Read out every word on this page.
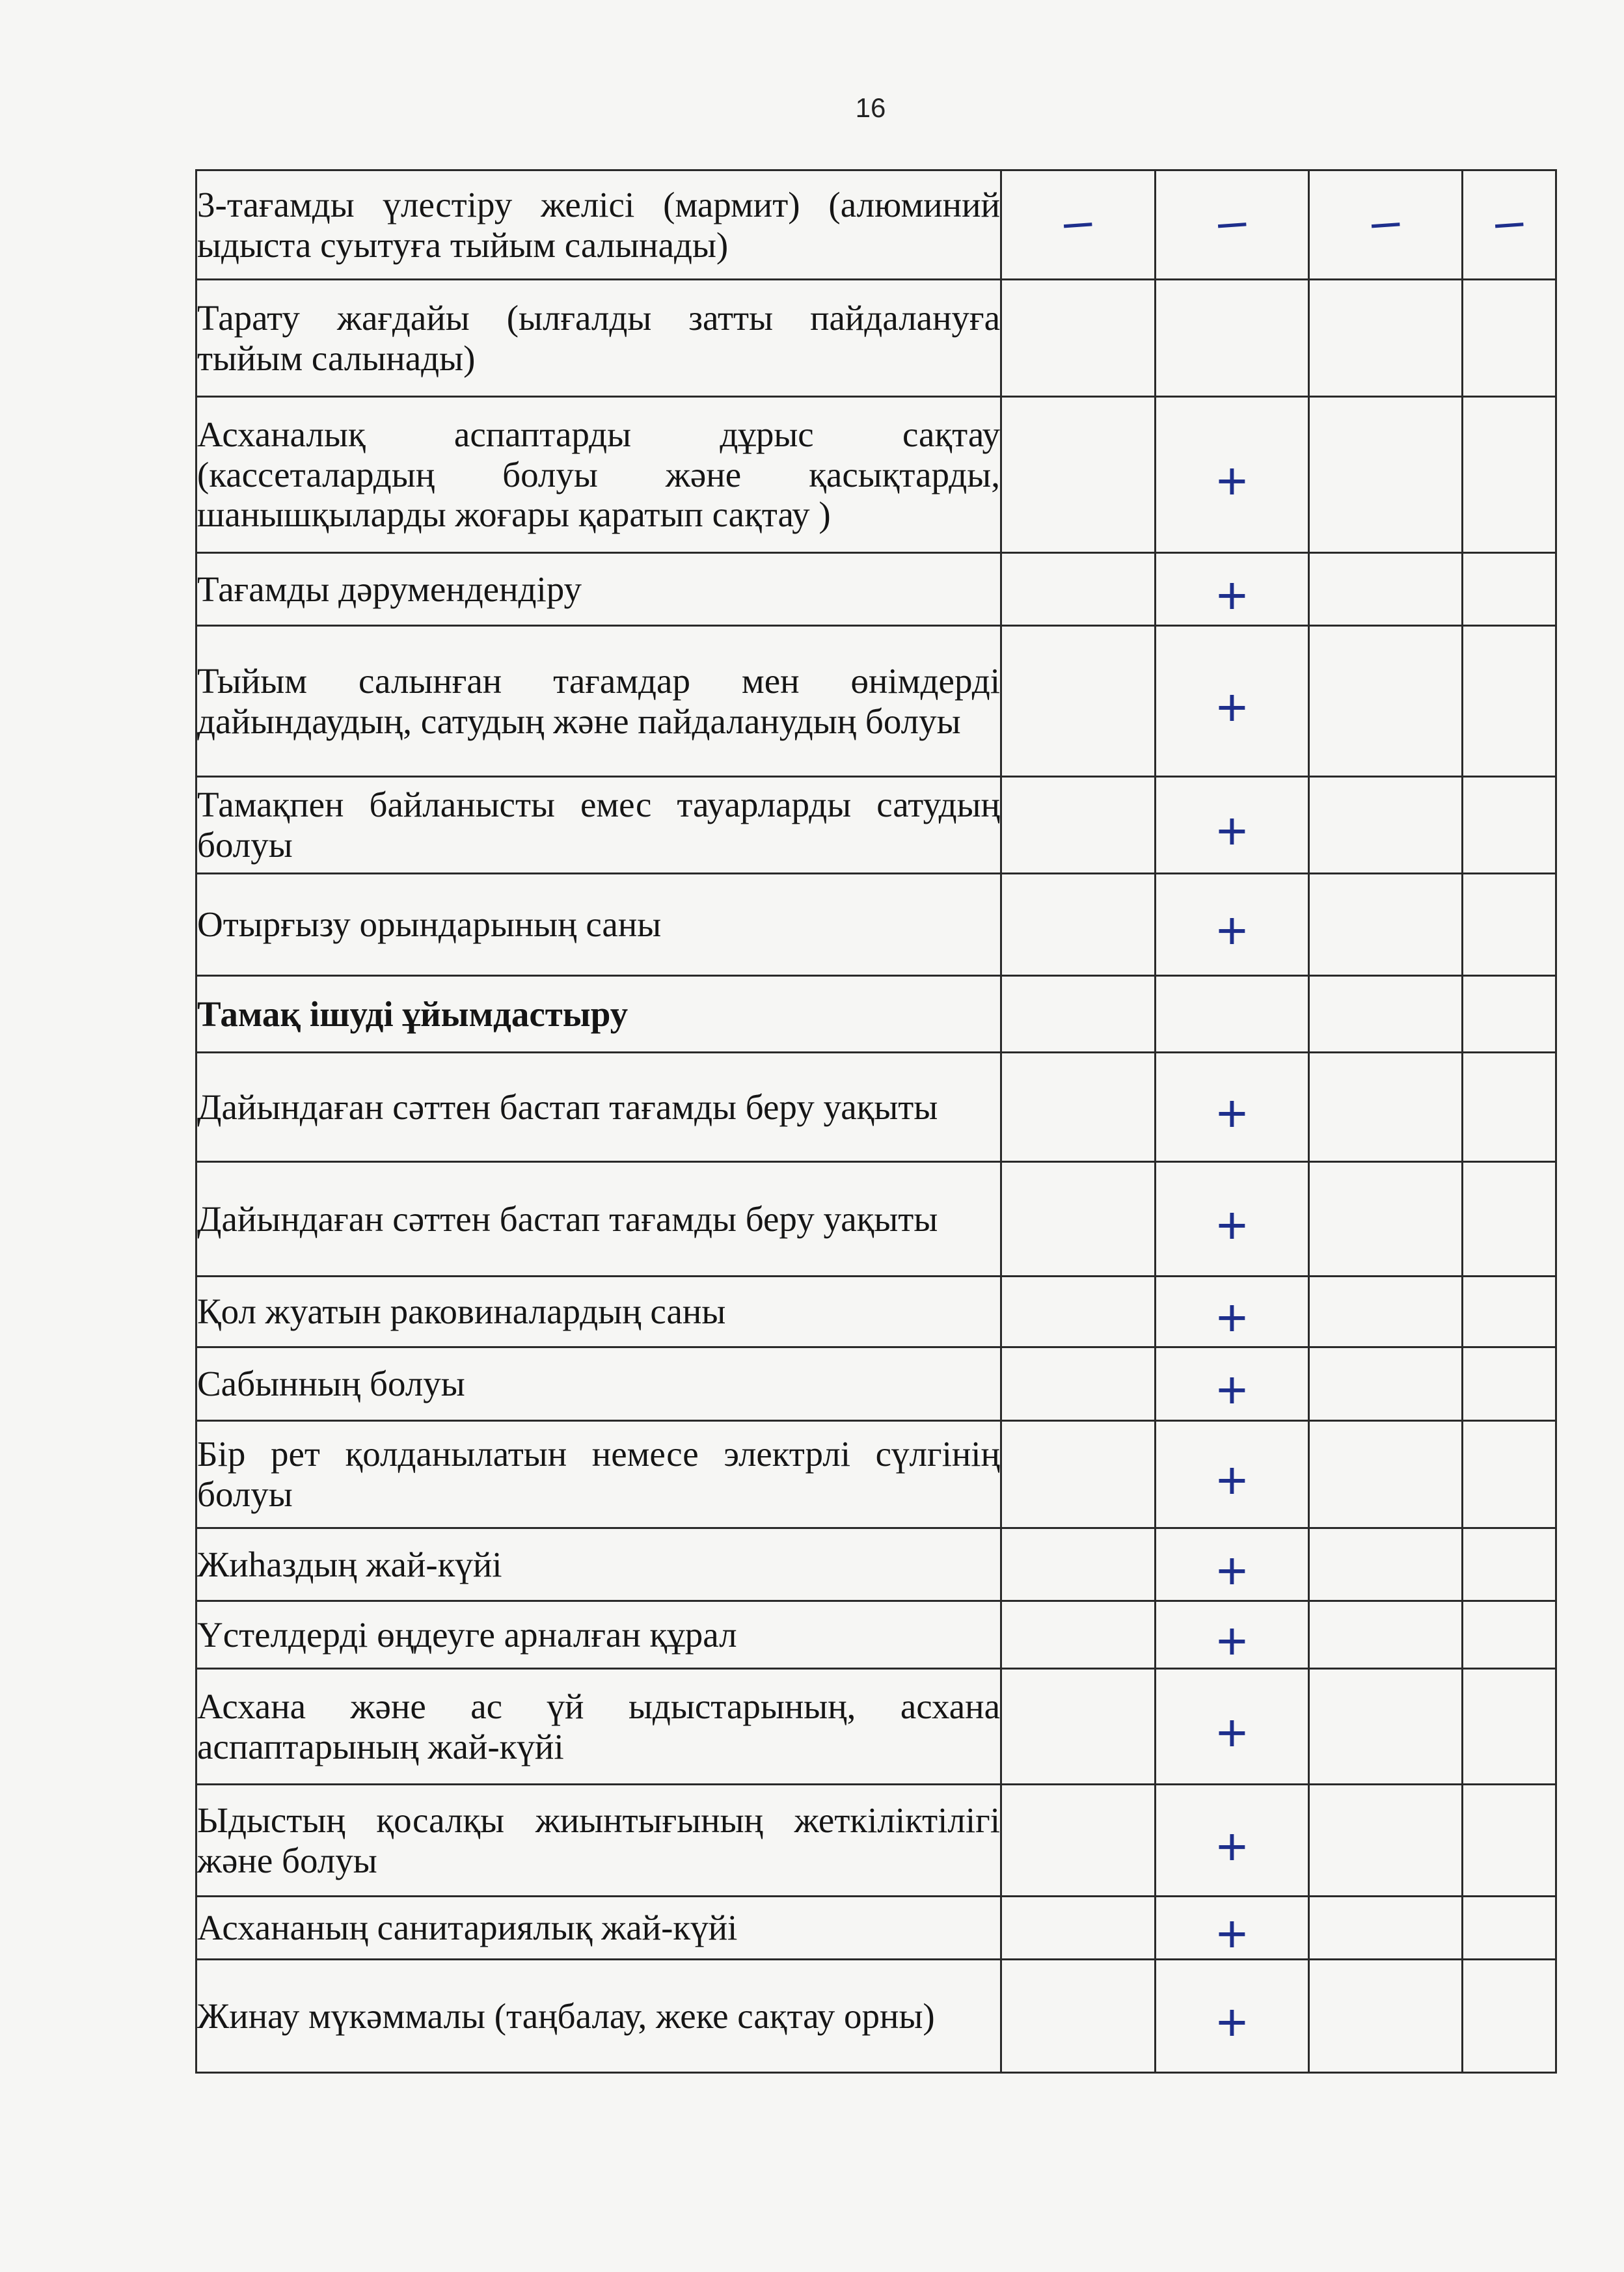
16
3-тағамды үлестіру желісі (мармит) (алюминий ыдыста суытуға тыйым салынады)	–	–	–	–
Тарату жағдайы (ылғалды затты пайдалануға тыйым салынады)				
Асханалық аспаптарды дұрыс сақтау (кассеталардың болуы және қасықтарды, шанышқыларды жоғары қаратып сақтау )		+		
Тағамды дәрумендендіру		+		
Тыйым салынған тағамдар мен өнімдерді дайындаудың, сатудың және пайдаланудың болуы		+		
Тамақпен байланысты емес тауарларды сатудың болуы		+		
Отырғызу орындарының саны		+		
Тамақ ішуді ұйымдастыру				
Дайындаған сәттен бастап тағамды беру уақыты		+		
Дайындаған сәттен бастап тағамды беру уақыты		+		
Қол жуатын раковиналардың саны		+		
Сабынның болуы		+		
Бір рет қолданылатын немесе электрлі сүлгінің болуы		+		
Жиһаздың жай-күйі		+		
Үстелдерді өңдеуге арналған құрал		+		
Асхана және ас үй ыдыстарының, асхана аспаптарының жай-күйі		+		
Ыдыстың қосалқы жиынтығының жеткіліктілігі және болуы		+		
Асхананың санитариялық жай-күйі		+		
Жинау мүкәммалы (таңбалау, жеке сақтау орны)		+		
